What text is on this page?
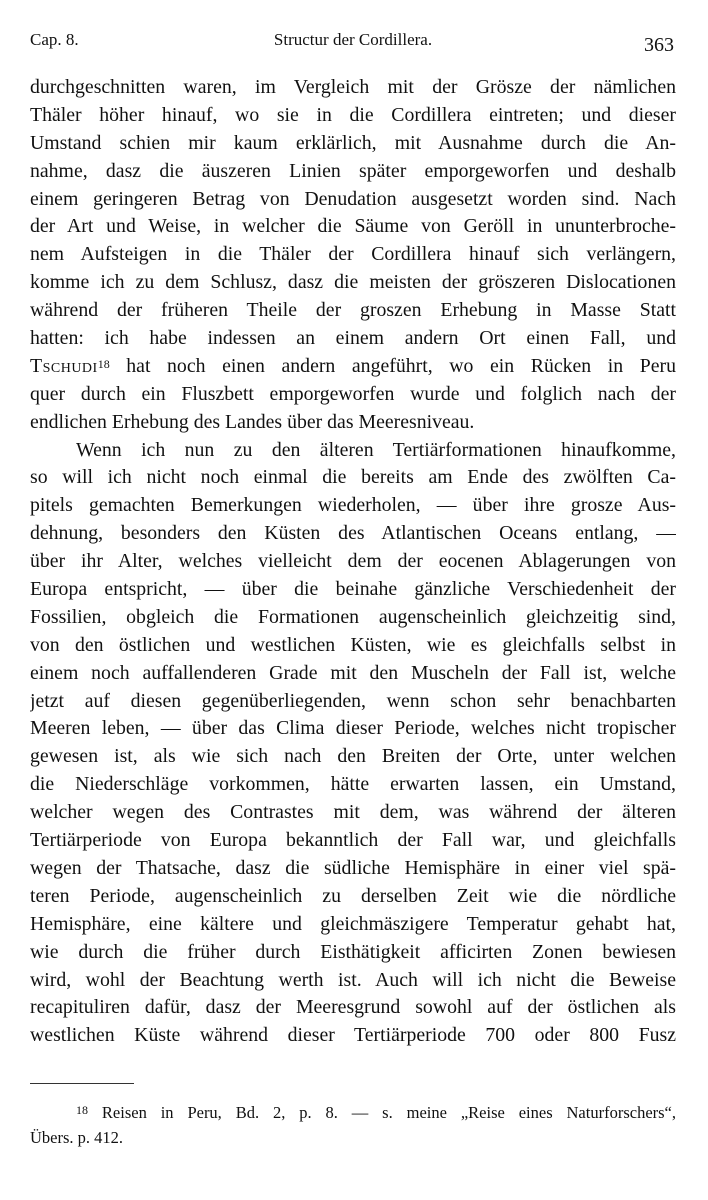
Cap. 8.	Structur der Cordillera.	363
durchgeschnitten waren, im Vergleich mit der Grösze der nämlichen
Thäler höher hinauf, wo sie in die Cordillera eintreten; und dieser
Umstand schien mir kaum erklärlich, mit Ausnahme durch die An-
nahme, dasz die äuszeren Linien später emporgeworfen und deshalb
einem geringeren Betrag von Denudation ausgesetzt worden sind. Nach
der Art und Weise, in welcher die Säume von Geröll in ununterbroche-
nem Aufsteigen in die Thäler der Cordillera hinauf sich verlängern,
komme ich zu dem Schlusz, dasz die meisten der gröszeren Dislocationen
während der früheren Theile der groszen Erhebung in Masse Statt
hatten: ich habe indessen an einem andern Ort einen Fall, und
Tschudi$^{18}$ hat noch einen andern angeführt, wo ein Rücken in Peru
quer durch ein Fluszbett emporgeworfen wurde und folglich nach der
endlichen Erhebung des Landes über das Meeresniveau.
Wenn ich nun zu den älteren Tertiärformationen hinaufkomme,
so will ich nicht noch einmal die bereits am Ende des zwölften Ca-
pitels gemachten Bemerkungen wiederholen, — über ihre grosze Aus-
dehnung, besonders den Küsten des Atlantischen Oceans entlang, —
über ihr Alter, welches vielleicht dem der eocenen Ablagerungen von
Europa entspricht, — über die beinahe gänzliche Verschiedenheit der
Fossilien, obgleich die Formationen augenscheinlich gleichzeitig sind,
von den östlichen und westlichen Küsten, wie es gleichfalls selbst in
einem noch auffallenderen Grade mit den Muscheln der Fall ist, welche
jetzt auf diesen gegenüberliegenden, wenn schon sehr benachbarten
Meeren leben, — über das Clima dieser Periode, welches nicht tropischer
gewesen ist, als wie sich nach den Breiten der Orte, unter welchen
die Niederschläge vorkommen, hätte erwarten lassen, ein Umstand,
welcher wegen des Contrastes mit dem, was während der älteren
Tertiärperiode von Europa bekanntlich der Fall war, und gleichfalls
wegen der Thatsache, dasz die südliche Hemisphäre in einer viel spä-
teren Periode, augenscheinlich zu derselben Zeit wie die nördliche
Hemisphäre, eine kältere und gleichmäszigere Temperatur gehabt hat,
wie durch die früher durch Eisthätigkeit afficirten Zonen bewiesen
wird, wohl der Beachtung werth ist. Auch will ich nicht die Beweise
recapituliren dafür, dasz der Meeresgrund sowohl auf der östlichen als
westlichen Küste während dieser Tertiärperiode 700 oder 800 Fusz
$^{18}$ Reisen in Peru, Bd. 2, p. 8. — s. meine „Reise eines Naturforschers“,
Übers. p. 412.
